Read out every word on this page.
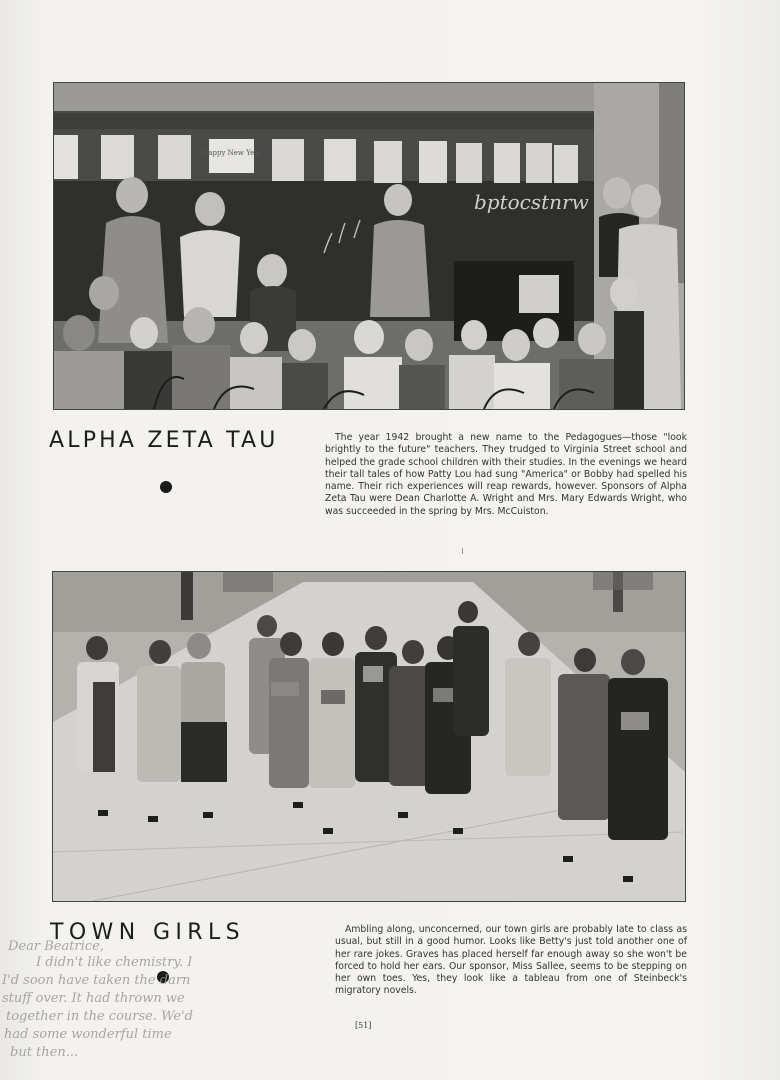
Happy New Year
bptocstnrw
ALPHA ZETA TAU	The year 1942 brought a new name to the Pedagogues—those "look brightly to the future" teachers. They trudged to Virginia Street school and helped the grade school children with their studies. In the evenings we heard their tall tales of how Patty Lou had sung "America" or Bobby had spelled his name. Their rich experiences will reap rewards, however. Sponsors of Alpha Zeta Tau were Dean Charlotte A. Wright and Mrs. Mary Edwards Wright, who was succeeded in the spring by Mrs. McCuiston.

TOWN GIRLS	Ambling along, unconcerned, our town girls are probably late to class as usual, but still in a good humor. Looks like Betty's just told another one of her rare jokes. Graves has placed herself far enough away so she won't be forced to hold her ears. Our sponsor, Miss Sallee, seems to be stepping on her own toes. Yes, they look like a tableau from one of Steinbeck's migratory novels.

Dear Beatrice,
I didn't like chemistry. I
I'd soon have taken the darn
stuff over. It had thrown we
together in the course. We'd
had some wonderful time
but then...
[51]
